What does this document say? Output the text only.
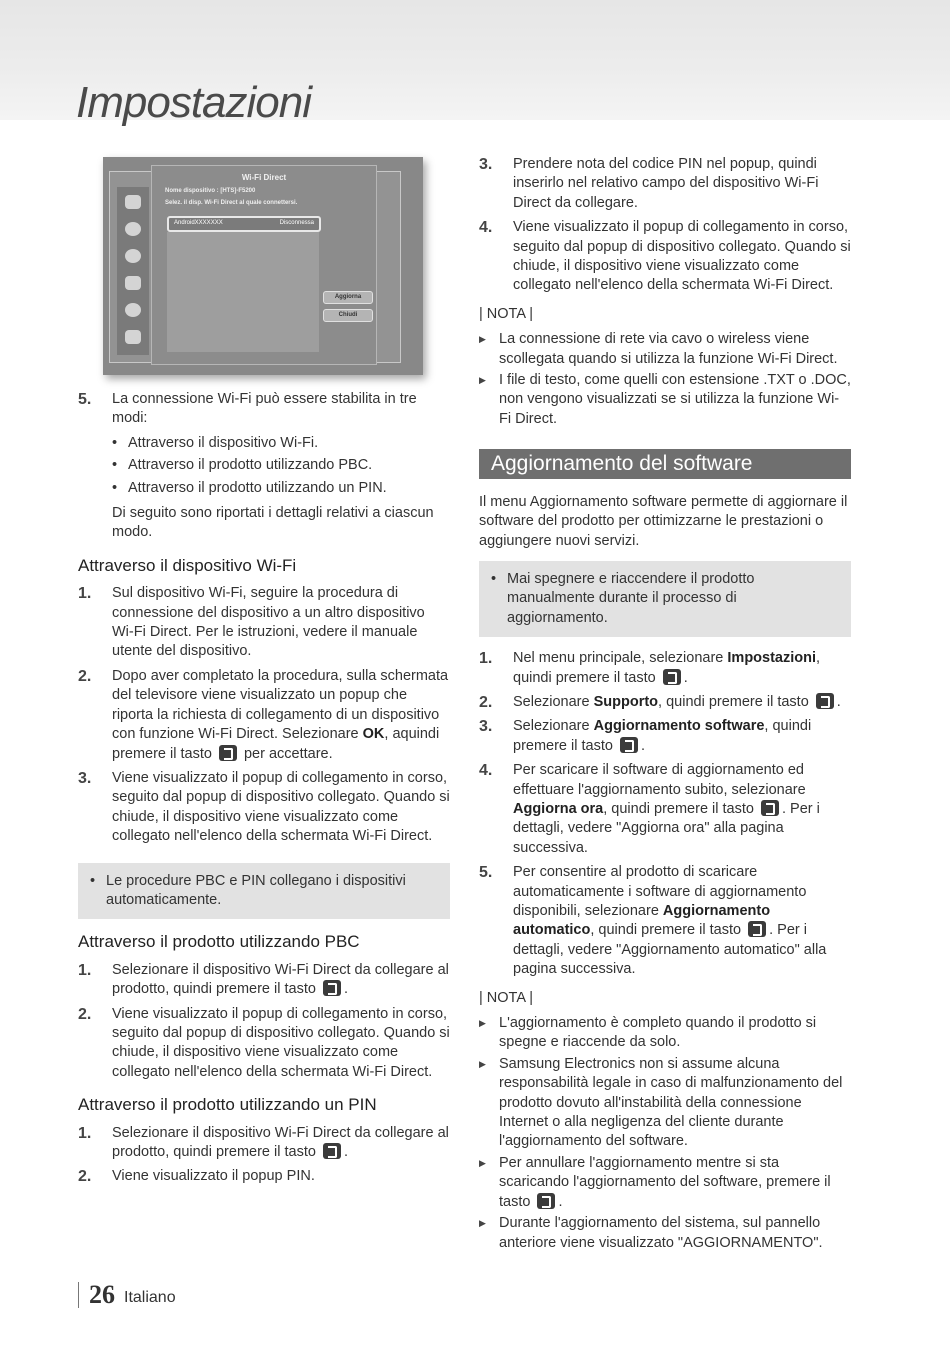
Impostazioni
Wi-Fi Direct
Nome dispositivo : [HTS]-F5200
Selez. il disp. Wi-Fi Direct al quale connettersi.
AndroidXXXXXXX	Disconnessa
Aggiorna
Chiudi
5.	La connessione Wi-Fi può essere stabilita in tre modi:
• Attraverso il dispositivo Wi-Fi.
• Attraverso il prodotto utilizzando PBC.
• Attraverso il prodotto utilizzando un PIN.
Di seguito sono riportati i dettagli relativi a ciascun modo.
Attraverso il dispositivo Wi-Fi
1.	Sul dispositivo Wi-Fi, seguire la procedura di connessione del dispositivo a un altro dispositivo Wi-Fi Direct. Per le istruzioni, vedere il manuale utente del dispositivo.
2.	Dopo aver completato la procedura, sulla schermata del televisore viene visualizzato un popup che riporta la richiesta di collegamento di un dispositivo con funzione Wi-Fi Direct. Selezionare OK, aquindi premere il tasto  per accettare.
3.	Viene visualizzato il popup di collegamento in corso, seguito dal popup di dispositivo collegato. Quando si chiude, il dispositivo viene visualizzato come collegato nell'elenco della schermata Wi-Fi Direct.
• Le procedure PBC e PIN collegano i dispositivi automaticamente.
Attraverso il prodotto utilizzando PBC
1.	Selezionare il dispositivo Wi-Fi Direct da collegare al prodotto, quindi premere il tasto .
2.	Viene visualizzato il popup di collegamento in corso, seguito dal popup di dispositivo collegato. Quando si chiude, il dispositivo viene visualizzato come collegato nell'elenco della schermata Wi-Fi Direct.
Attraverso il prodotto utilizzando un PIN
1.	Selezionare il dispositivo Wi-Fi Direct da collegare al prodotto, quindi premere il tasto .
2.	Viene visualizzato il popup PIN.
3.	Prendere nota del codice PIN nel popup, quindi inserirlo nel relativo campo del dispositivo Wi-Fi Direct da collegare.
4.	Viene visualizzato il popup di collegamento in corso, seguito dal popup di dispositivo collegato. Quando si chiude, il dispositivo viene visualizzato come collegato nell'elenco della schermata Wi-Fi Direct.
| NOTA |
▶ La connessione di rete via cavo o wireless viene scollegata quando si utilizza la funzione Wi-Fi Direct.
▶ I file di testo, come quelli con estensione .TXT o .DOC, non vengono visualizzati se si utilizza la funzione Wi-Fi Direct.
Aggiornamento del software
Il menu Aggiornamento software permette di aggiornare il software del prodotto per ottimizzarne le prestazioni o aggiungere nuovi servizi.
• Mai spegnere e riaccendere il prodotto manualmente durante il processo di aggiornamento.
1.	Nel menu principale, selezionare Impostazioni, quindi premere il tasto .
2.	Selezionare Supporto, quindi premere il tasto .
3.	Selezionare Aggiornamento software, quindi premere il tasto .
4.	Per scaricare il software di aggiornamento ed effettuare l'aggiornamento subito, selezionare Aggiorna ora, quindi premere il tasto . Per i dettagli, vedere "Aggiorna ora" alla pagina successiva.
5.	Per consentire al prodotto di scaricare automaticamente i software di aggiornamento disponibili, selezionare Aggiornamento automatico, quindi premere il tasto . Per i dettagli, vedere "Aggiornamento automatico" alla pagina successiva.
| NOTA |
▶ L'aggiornamento è completo quando il prodotto si spegne e riaccende da solo.
▶ Samsung Electronics non si assume alcuna responsabilità legale in caso di malfunzionamento del prodotto dovuto all'instabilità della connessione Internet o alla negligenza del cliente durante l'aggiornamento del software.
▶ Per annullare l'aggiornamento mentre si sta scaricando l'aggiornamento del software, premere il tasto .
▶ Durante l'aggiornamento del sistema, sul pannello anteriore viene visualizzato "AGGIORNAMENTO".
26 Italiano
